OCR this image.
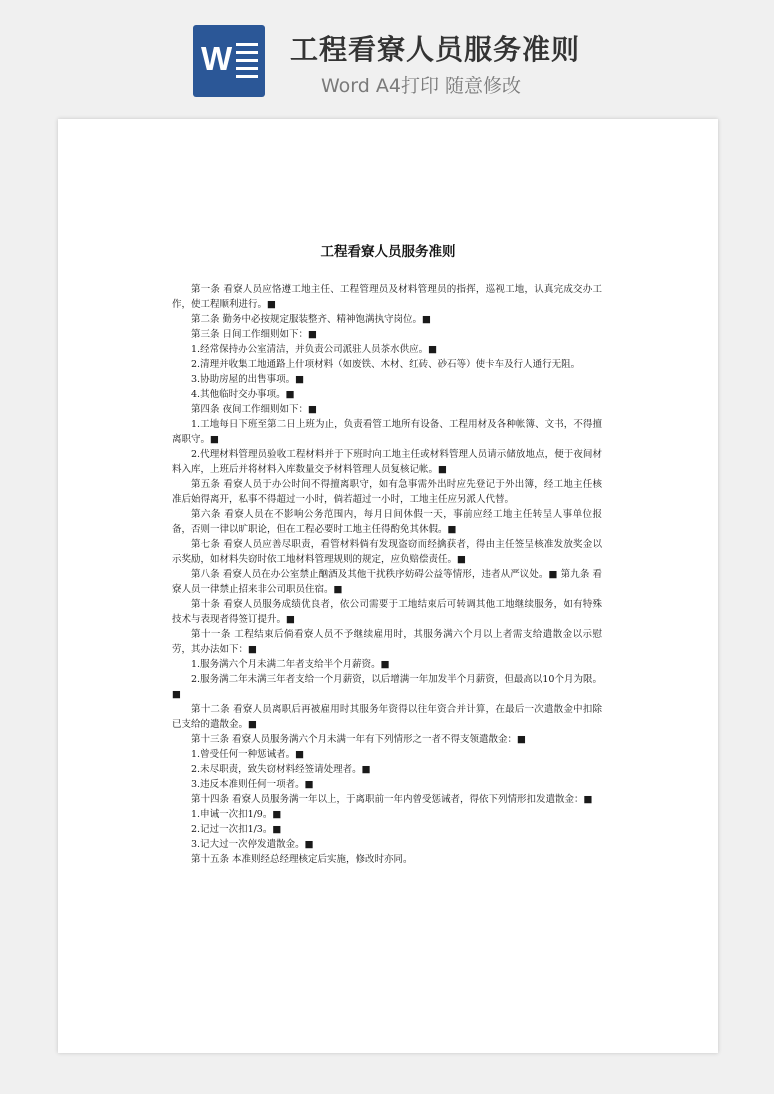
W 工程看寮人员服务准则
Word A4打印 随意修改
工程看寮人员服务准则

第一条 看寮人员应恪遵工地主任、工程管理员及材料管理员的指挥，巡视工地，认真完成交办工作，使工程顺利进行。■

第二条 勤务中必按规定服装整齐、精神饱满执守岗位。■

第三条 日间工作细则如下：■

1.经常保持办公室清洁，并负责公司派驻人员茶水供应。■

2.清理并收集工地通路上什项材料（如废铁、木材、红砖、砂石等）使卡车及行人通行无阻。

3.协助房屋的出售事项。■

4.其他临时交办事项。■

第四条 夜间工作细则如下：■

1.工地每日下班至第二日上班为止，负责看管工地所有设备、工程用材及各种帐簿、文书，不得擅离职守。■

2.代理材料管理员验收工程材料并于下班时向工地主任或材料管理人员请示储放地点，便于夜间材料入库，上班后并将材料入库数量交予材料管理人员复核记帐。■

第五条 看寮人员于办公时间不得擅离职守，如有急事需外出时应先登记于外出簿，经工地主任核准后始得离开，私事不得超过一小时，倘若超过一小时，工地主任应另派人代替。

第六条 看寮人员在不影响公务范围内，每月日间休假一天，事前应经工地主任转呈人事单位报备，否则一律以旷职论，但在工程必要时工地主任得酌免其休假。■

第七条 看寮人员应善尽职责，看管材料倘有发现盗窃而经擒获者，得由主任签呈核准发放奖金以示奖励，如材料失窃时依工地材料管理规则的规定，应负赔偿责任。■

第八条 看寮人员在办公室禁止酗酒及其他干扰秩序妨碍公益等情形，违者从严议处。■ 第九条 看寮人员一律禁止招来非公司职员住宿。■

第十条 看寮人员服务成绩优良者，依公司需要于工地结束后可转调其他工地继续服务，如有特殊技术与表现者得签订提升。■

第十一条 工程结束后倘看寮人员不予继续雇用时，其服务满六个月以上者需支给遣散金以示慰劳，其办法如下：■

1.服务满六个月未满二年者支给半个月薪资。■

2.服务满二年未满三年者支给一个月薪资，以后增满一年加发半个月薪资，但最高以10个月为限。■

第十二条 看寮人员离职后再被雇用时其服务年资得以往年资合并计算，在最后一次遣散金中扣除已支给的遣散金。■

第十三条 看寮人员服务满六个月未满一年有下列情形之一者不得支领遣散金：■

1.曾受任何一种惩诫者。■

2.未尽职责，致失窃材料经签请处理者。■

3.违反本准则任何一项者。■

第十四条 看寮人员服务满一年以上，于离职前一年内曾受惩诫者，得依下列情形扣发遣散金：■

1.申诫一次扣1/9。■

2.记过一次扣1/3。■

3.记大过一次停发遣散金。■

第十五条 本准则经总经理核定后实施，修改时亦同。
